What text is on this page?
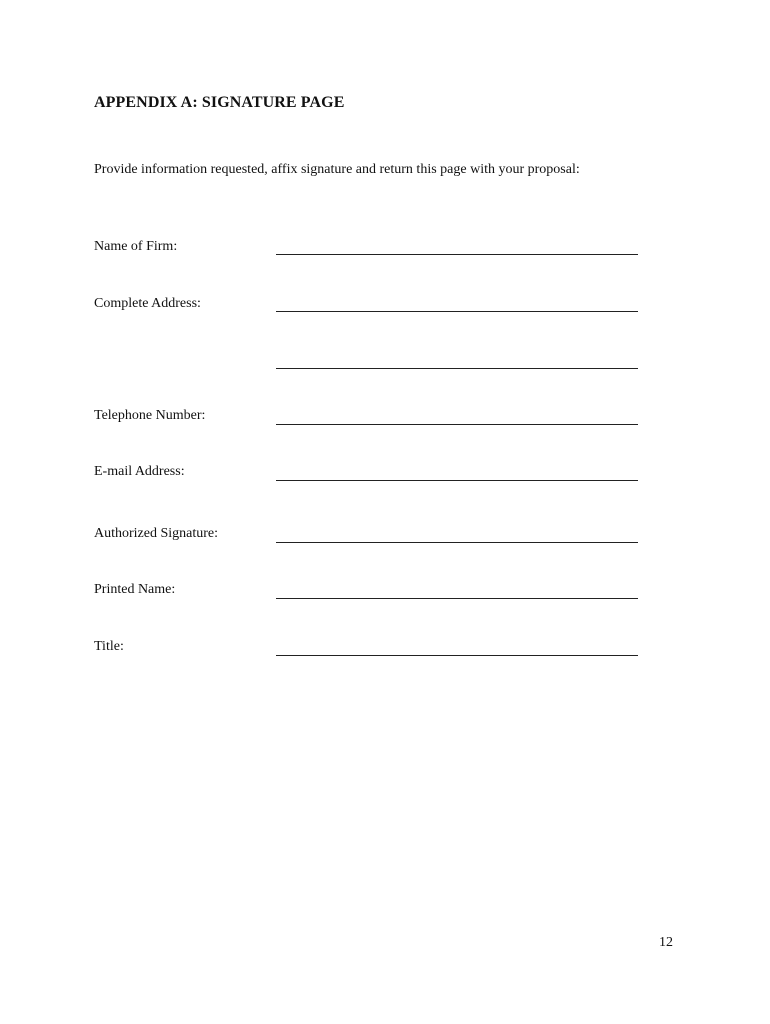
APPENDIX A: SIGNATURE PAGE
Provide information requested, affix signature and return this page with your proposal:
Name of Firm:
Complete Address:
Telephone Number:
E-mail Address:
Authorized Signature:
Printed Name:
Title:
12
